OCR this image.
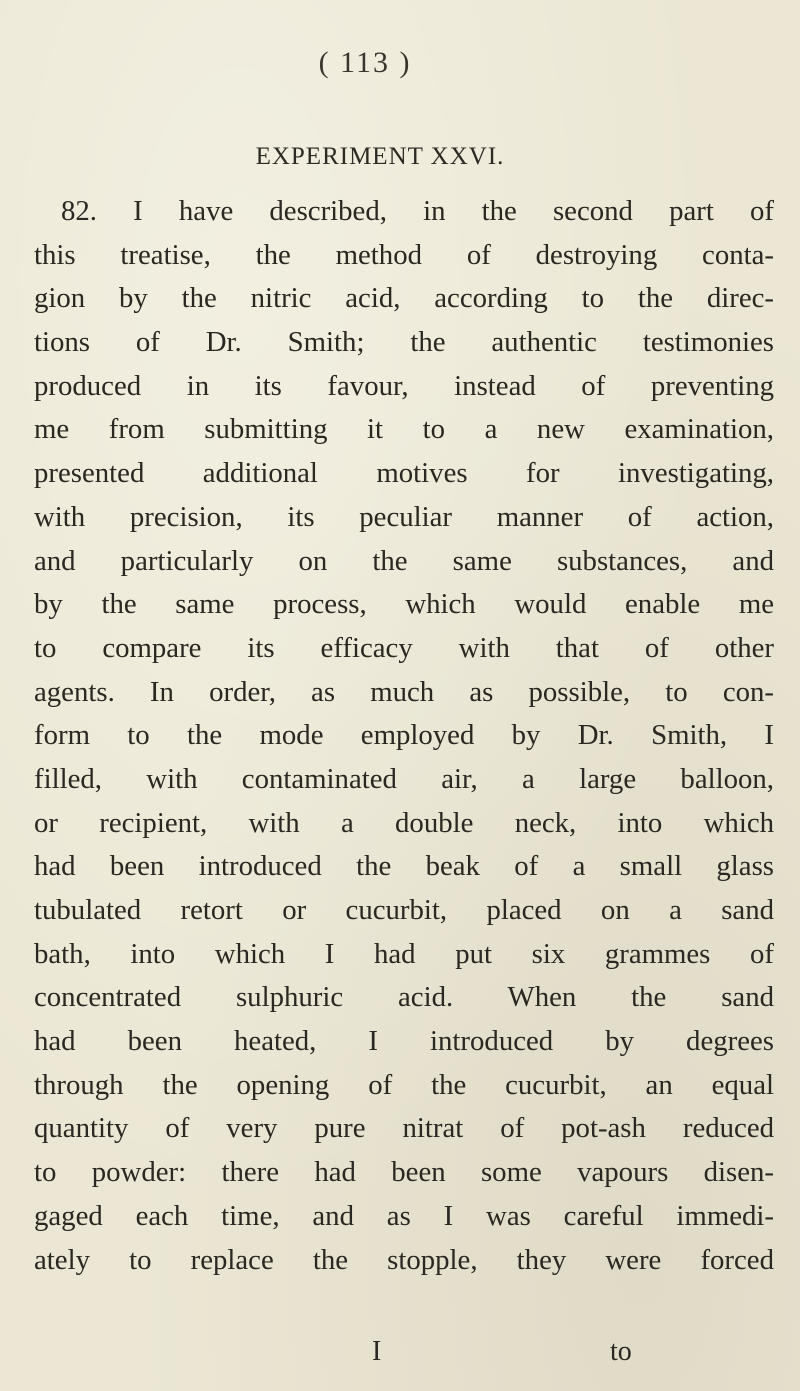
( 113 )
EXPERIMENT XXVI.
82. I have described, in the second part of
this treatise, the method of destroying conta-
gion by the nitric acid, according to the direc-
tions of Dr. Smith; the authentic testimonies
produced in its favour, instead of preventing
me from submitting it to a new examination,
presented additional motives for investigating,
with precision, its peculiar manner of action,
and particularly on the same substances, and
by the same process, which would enable me
to compare its efficacy with that of other
agents. In order, as much as possible, to con-
form to the mode employed by Dr. Smith, I
filled, with contaminated air, a large balloon,
or recipient, with a double neck, into which
had been introduced the beak of a small glass
tubulated retort or cucurbit, placed on a sand
bath, into which I had put six grammes of
concentrated sulphuric acid. When the sand
had been heated, I introduced by degrees
through the opening of the cucurbit, an equal
quantity of very pure nitrat of pot-ash reduced
to powder: there had been some vapours disen-
gaged each time, and as I was careful immedi-
ately to replace the stopple, they were forced
I	to
